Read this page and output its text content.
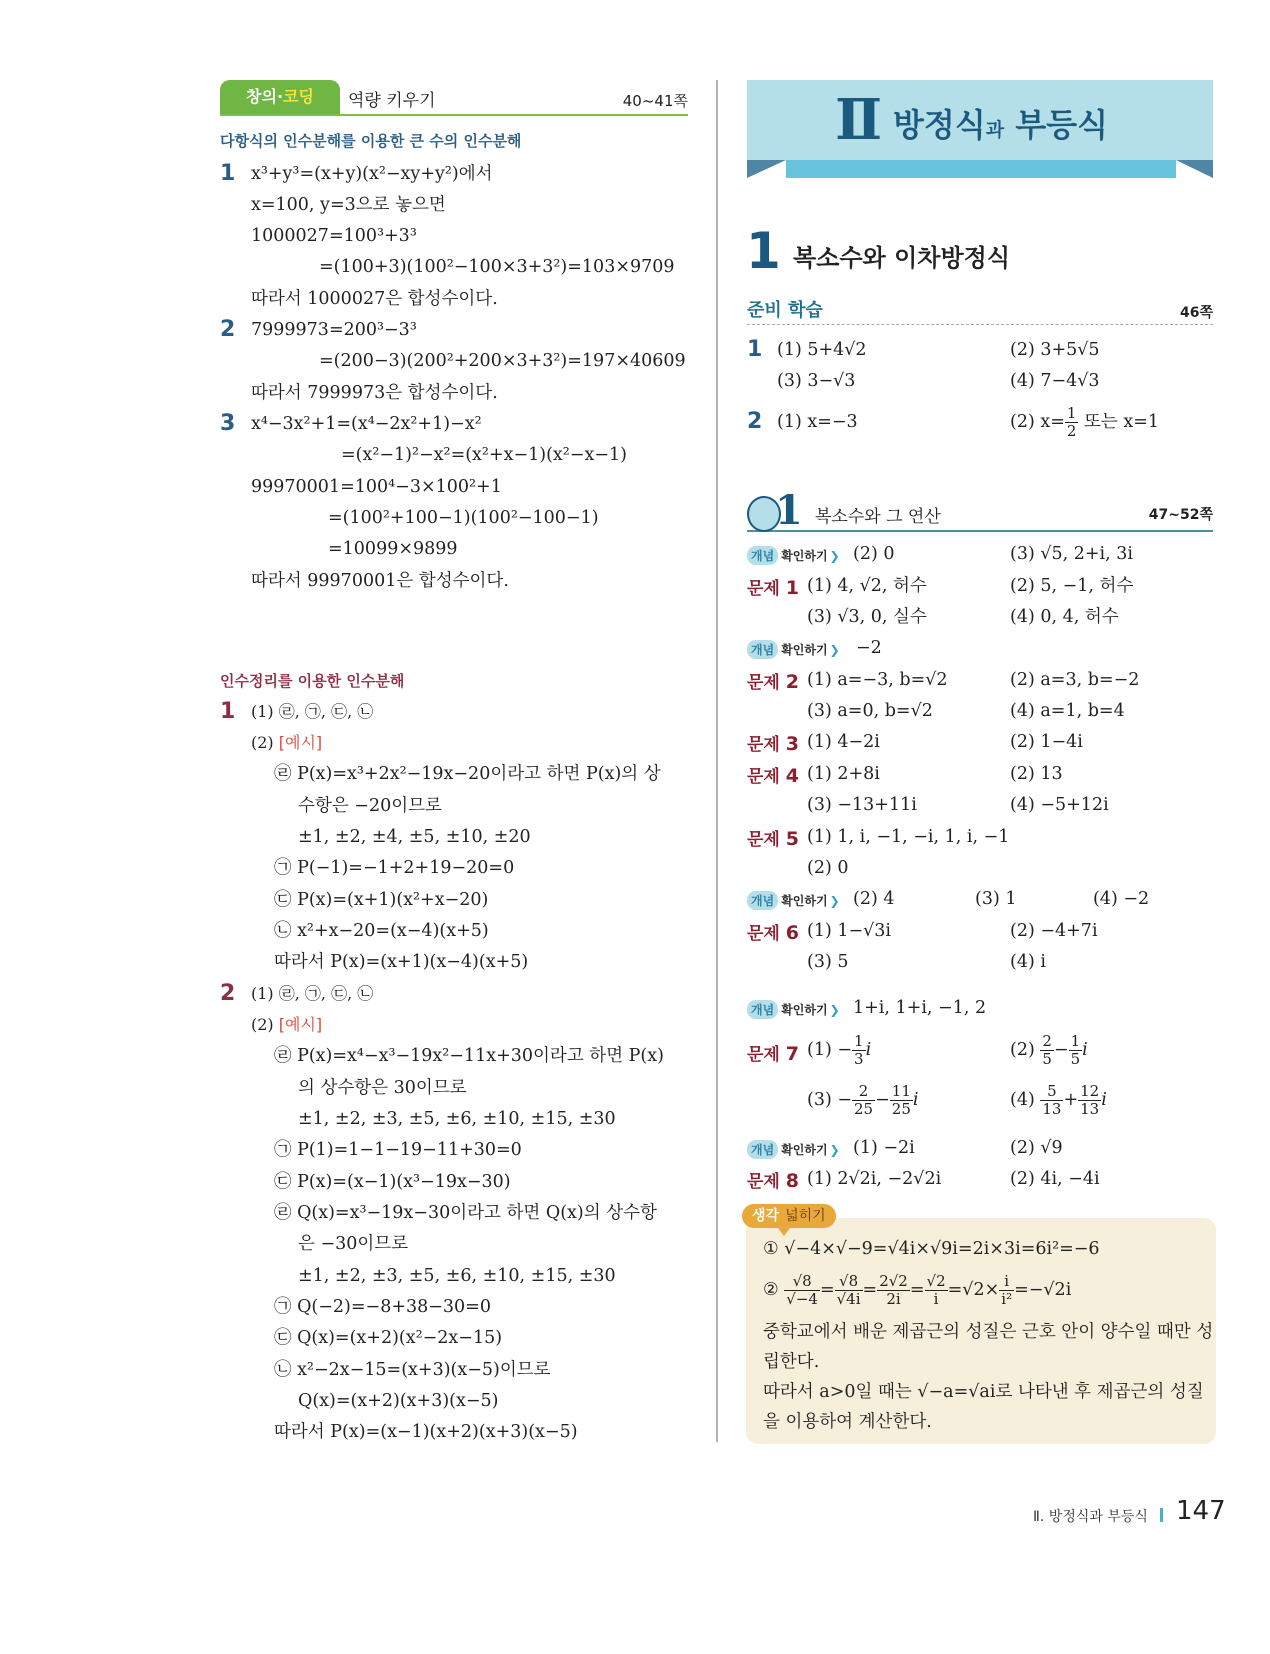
창의·코딩	역량 키우기	40~41쪽
다항식의 인수분해를 이용한 큰 수의 인수분해
1 x³+y³=(x+y)(x²−xy+y²)에서
x=100, y=3으로 놓으면
1000027=100³+3³
=(100+3)(100²−100×3+3²)=103×9709
따라서 1000027은 합성수이다.
2 7999973=200³−3³
=(200−3)(200²+200×3+3²)=197×40609
따라서 7999973은 합성수이다.
3 x⁴−3x²+1=(x⁴−2x²+1)−x²
=(x²−1)²−x²=(x²+x−1)(x²−x−1)
99970001=100⁴−3×100²+1
=(100²+100−1)(100²−100−1)
=10099×9899
따라서 99970001은 합성수이다.
인수정리를 이용한 인수분해
1 (1) ㉣, ㉠, ㉢, ㉡
(2) [예시]
㉣ P(x)=x³+2x²−19x−20이라고 하면 P(x)의 상
수항은 −20이므로
±1, ±2, ±4, ±5, ±10, ±20
㉠ P(−1)=−1+2+19−20=0
㉢ P(x)=(x+1)(x²+x−20)
㉡ x²+x−20=(x−4)(x+5)
따라서 P(x)=(x+1)(x−4)(x+5)
2 (1) ㉣, ㉠, ㉢, ㉡
(2) [예시]
㉣ P(x)=x⁴−x³−19x²−11x+30이라고 하면 P(x)
의 상수항은 30이므로
±1, ±2, ±3, ±5, ±6, ±10, ±15, ±30
㉠ P(1)=1−1−19−11+30=0
㉢ P(x)=(x−1)(x³−19x−30)
㉣ Q(x)=x³−19x−30이라고 하면 Q(x)의 상수항
은 −30이므로
±1, ±2, ±3, ±5, ±6, ±10, ±15, ±30
㉠ Q(−2)=−8+38−30=0
㉢ Q(x)=(x+2)(x²−2x−15)
㉡ x²−2x−15=(x+3)(x−5)이므로
Q(x)=(x+2)(x+3)(x−5)
따라서 P(x)=(x−1)(x+2)(x+3)(x−5)
Ⅱ 방정식과 부등식
1 복소수와 이차방정식
준비 학습	46쪽
1 (1) 5+4√2	(2) 3+5√5
(3) 3−√3	(4) 7−4√3
2 (1) x=−3	(2) $x= \frac{1}{2}$ 또는 x=1
1 복소수와 그 연산	47~52쪽
개념 확인하기 ❯ (2) 0	(3) √5, 2+i, 3i
문제 1 (1) 4, √2, 허수	(2) 5, −1, 허수
(3) √3, 0, 실수	(4) 0, 4, 허수
개념 확인하기 ❯ −2
문제 2 (1) a=−3, b=√2	(2) a=3, b=−2
(3) a=0, b=√2	(4) a=1, b=4
문제 3 (1) 4−2i	(2) 1−4i
문제 4 (1) 2+8i	(2) 13
(3) −13+11i	(4) −5+12i
문제 5 (1) 1, i, −1, −i, 1, i, −1
(2) 0
개념 확인하기 ❯ (2) 4	(3) 1	(4) −2
문제 6 (1) 1−√3i	(2) −4+7i
(3) 5	(4) i
개념 확인하기 ❯ 1+i, 1+i, −1, 2
문제 7 $(1) - \frac{1}{3}$ i	$(2) \frac{2}{5} - \frac{1}{5}$ i
$(3) - \frac{2}{25} - \frac{11}{25}$ i	$(4) \frac{5}{13} + \frac{12}{13}$ i
개념 확인하기 ❯ (1) −2i	(2) √9
문제 8 (1) 2√2i, −2√2i	(2) 4i, −4i
생각 넓히기
① √−4×√−9=√4i×√9i=2i×3i=6i²=−6
② $\frac{√8}{√-4} = \frac{√8}{√4i} = \frac{2√2}{2i} = \frac{√2}{i} =√2\times \frac{i}{\text{i²}} =-√2i$
중학교에서 배운 제곱근의 성질은 근호 안이 양수일 때만 성
립한다.
따라서 a>0일 때는 √−a=√ai로 나타낸 후 제곱근의 성질
을 이용하여 계산한다.
Ⅱ. 방정식과 부등식 147
